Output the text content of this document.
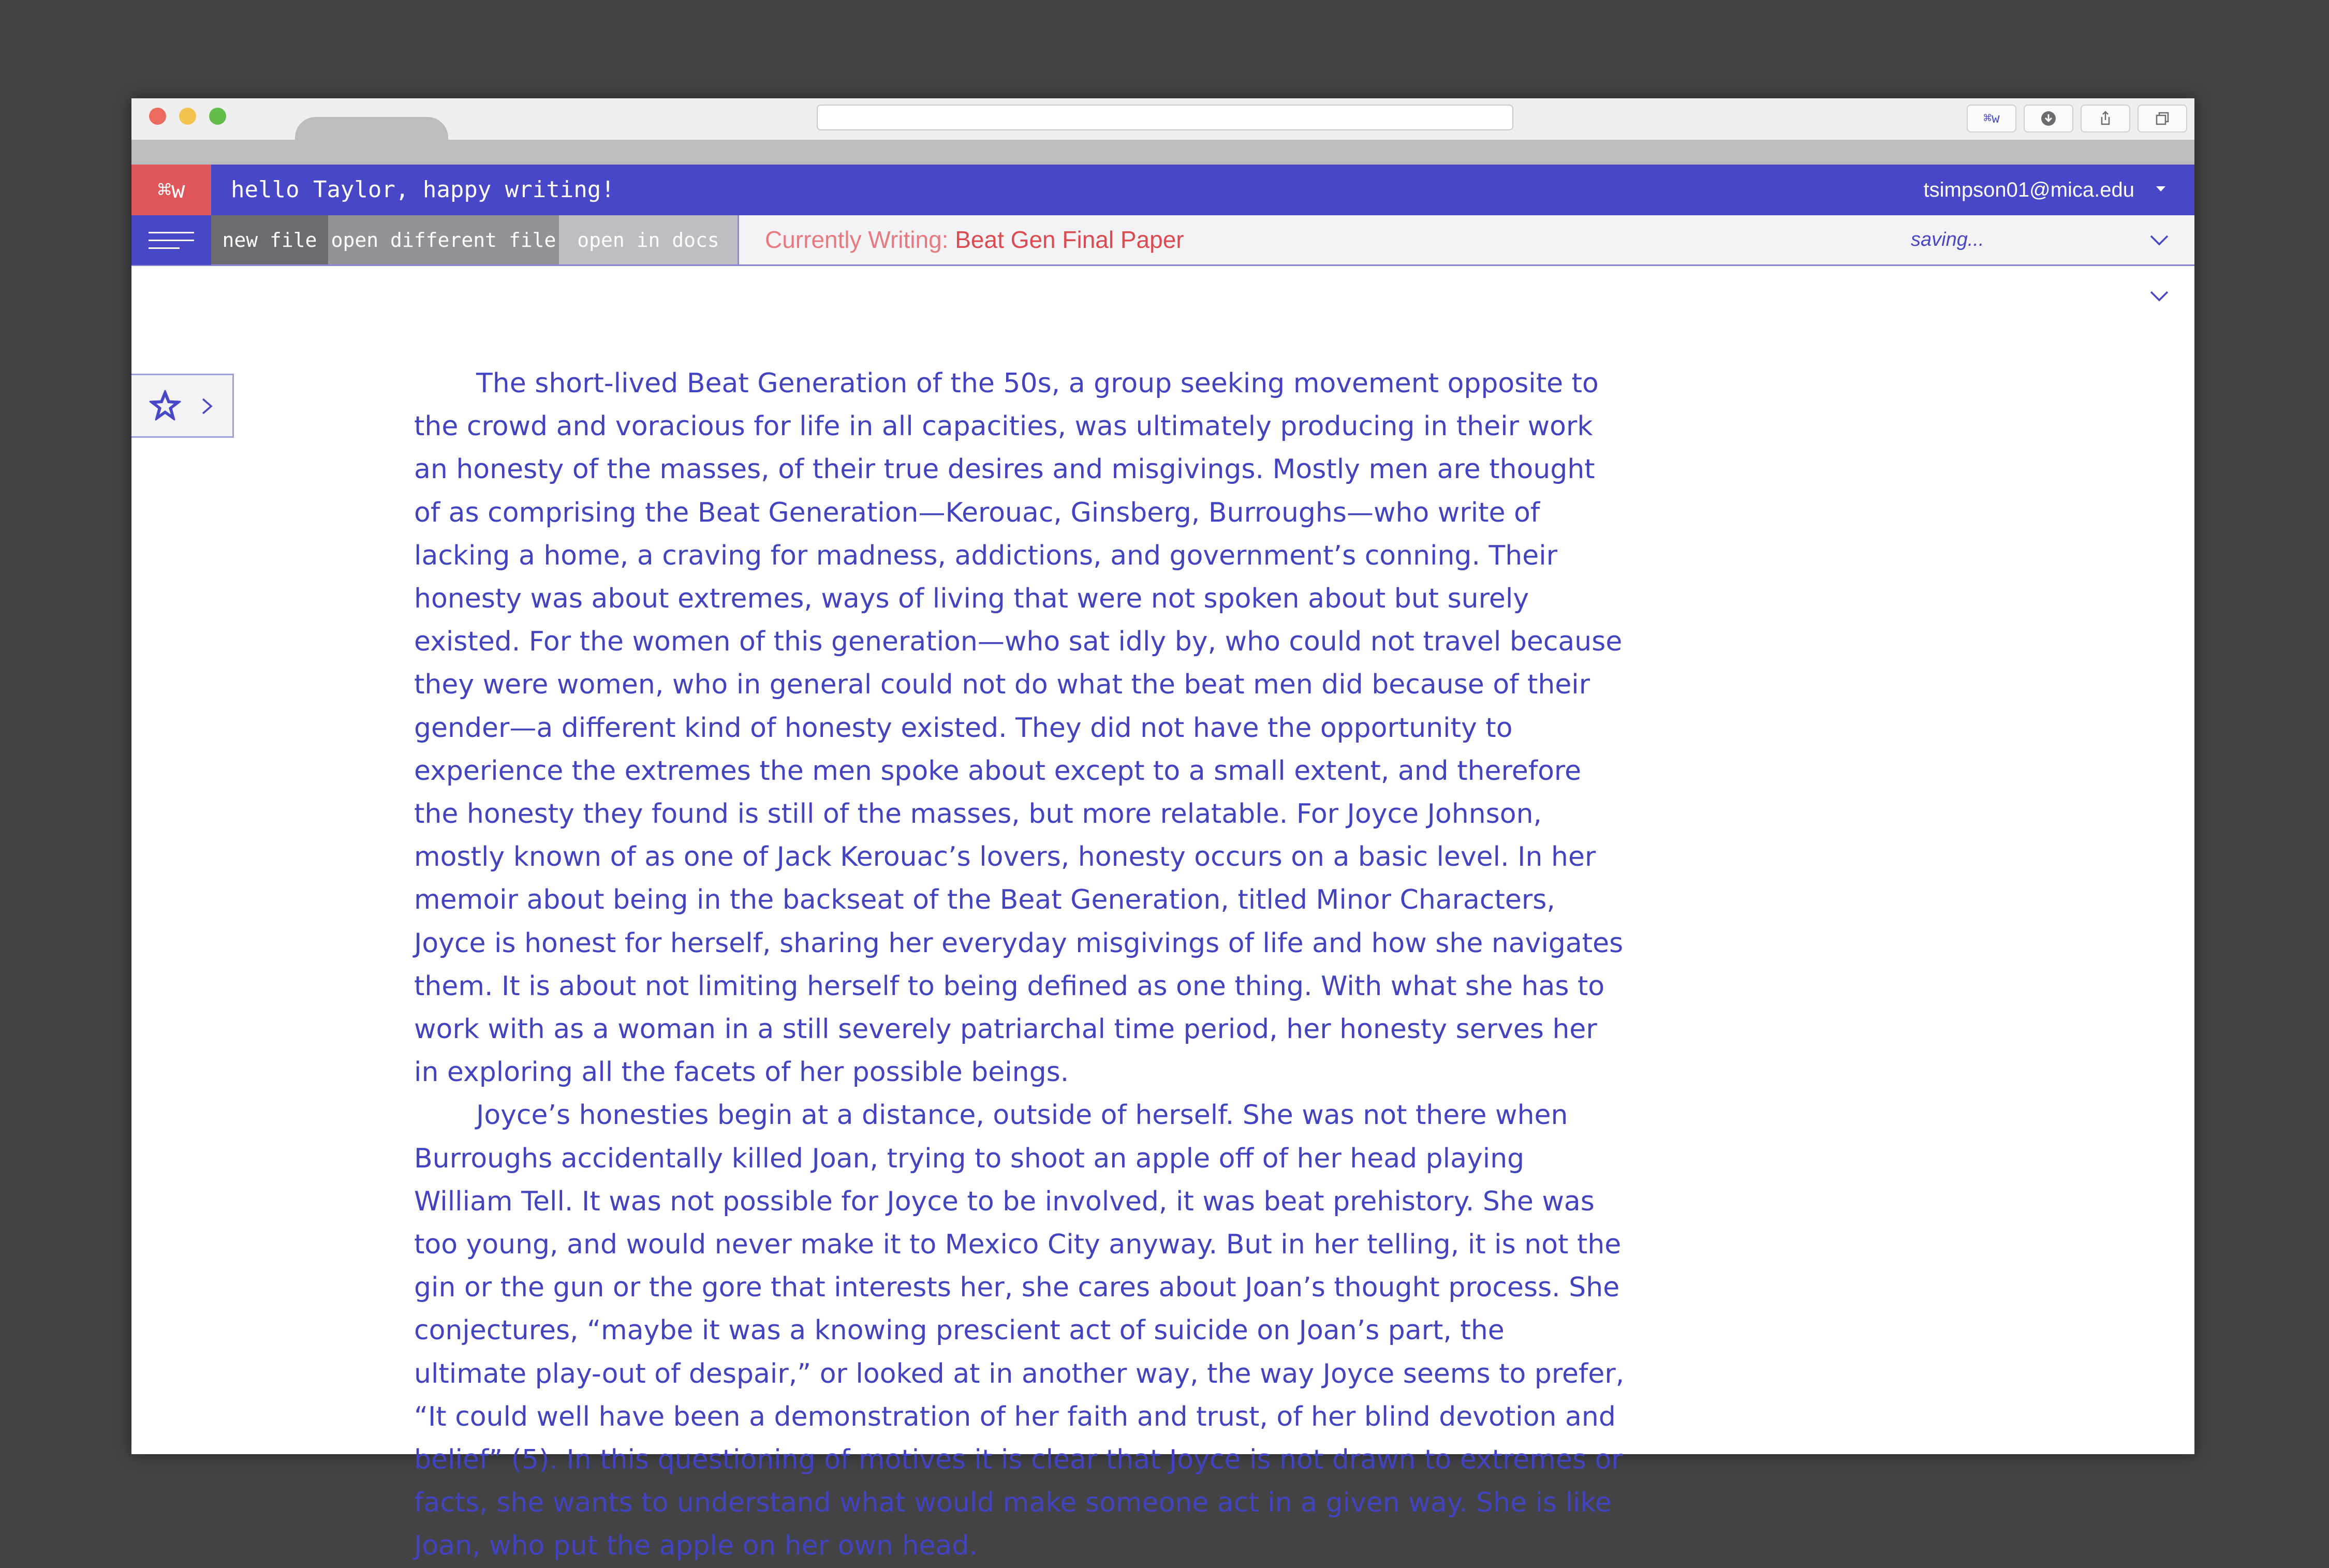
⌘w
⌘w hello Taylor, happy writing!	tsimpson01@mica.edu
new file open different file	open in docs	Currently Writing: Beat Gen Final Paper	saving...

The short-lived Beat Generation of the 50s, a group seeking movement opposite to the crowd and voracious for life in all capacities, was ultimately producing in their work an honesty of the masses, of their true desires and misgivings. Mostly men are thought of as comprising the Beat Generation—Kerouac, Ginsberg, Burroughs—who write of lacking a home, a craving for madness, addictions, and government’s conning. Their honesty was about extremes, ways of living that were not spoken about but surely existed. For the women of this generation—who sat idly by, who could not travel because they were women, who in general could not do what the beat men did because of their gender—a different kind of honesty existed. They did not have the opportunity to experience the extremes the men spoke about except to a small extent, and therefore the honesty they found is still of the masses, but more relatable. For Joyce Johnson, mostly known of as one of Jack Kerouac’s lovers, honesty occurs on a basic level. In her memoir about being in the backseat of the Beat Generation, titled Minor Characters, Joyce is honest for herself, sharing her everyday misgivings of life and how she navigates them. It is about not limiting herself to being defined as one thing. With what she has to work with as a woman in a still severely patriarchal time period, her honesty serves her in exploring all the facets of her possible beings.

Joyce’s honesties begin at a distance, outside of herself. She was not there when Burroughs accidentally killed Joan, trying to shoot an apple off of her head playing William Tell. It was not possible for Joyce to be involved, it was beat prehistory. She was too young, and would never make it to Mexico City anyway. But in her telling, it is not the gin or the gun or the gore that interests her, she cares about Joan’s thought process. She conjectures, “maybe it was a knowing prescient act of suicide on Joan’s part, the ultimate play-out of despair,” or looked at in another way, the way Joyce seems to prefer, “It could well have been a demonstration of her faith and trust, of her blind devotion and belief” (5). In this questioning of motives it is clear that Joyce is not drawn to extremes or facts, she wants to understand what would make someone act in a given way. She is like Joan, who put the apple on her own head.
